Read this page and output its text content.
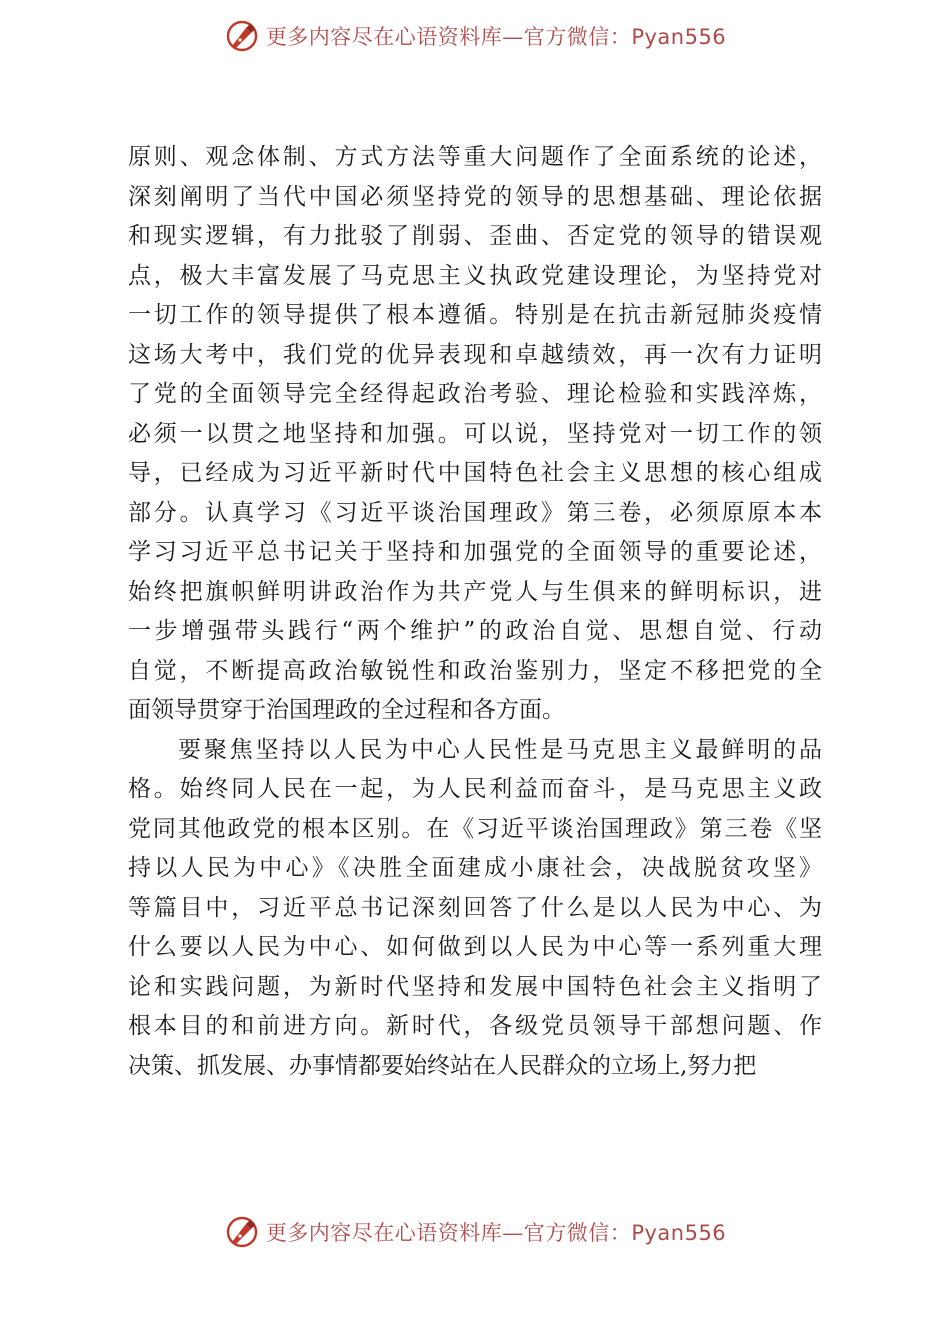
更多内容尽在心语资料库—官方微信：Pyan556
原则、观念体制、方式方法等重大问题作了全面系统的论述，
深刻阐明了当代中国必须坚持党的领导的思想基础、理论依据
和现实逻辑，有力批驳了削弱、歪曲、否定党的领导的错误观
点，极大丰富发展了马克思主义执政党建设理论，为坚持党对
一切工作的领导提供了根本遵循。特别是在抗击新冠肺炎疫情
这场大考中，我们党的优异表现和卓越绩效，再一次有力证明
了党的全面领导完全经得起政治考验、理论检验和实践淬炼，
必须一以贯之地坚持和加强。可以说，坚持党对一切工作的领
导，已经成为习近平新时代中国特色社会主义思想的核心组成
部分。认真学习《习近平谈治国理政》第三卷，必须原原本本
学习习近平总书记关于坚持和加强党的全面领导的重要论述，
始终把旗帜鲜明讲政治作为共产党人与生俱来的鲜明标识，进
一步增强带头践行“两个维护”的政治自觉、思想自觉、行动
自觉，不断提高政治敏锐性和政治鉴别力，坚定不移把党的全
面领导贯穿于治国理政的全过程和各方面。
要聚焦坚持以人民为中心人民性是马克思主义最鲜明的品
格。始终同人民在一起，为人民利益而奋斗，是马克思主义政
党同其他政党的根本区别。在《习近平谈治国理政》第三卷《坚
持以人民为中心》《决胜全面建成小康社会，决战脱贫攻坚》
等篇目中，习近平总书记深刻回答了什么是以人民为中心、为
什么要以人民为中心、如何做到以人民为中心等一系列重大理
论和实践问题，为新时代坚持和发展中国特色社会主义指明了
根本目的和前进方向。新时代，各级党员领导干部想问题、作
决策、抓发展、办事情都要始终站在人民群众的立场上,努力把
更多内容尽在心语资料库—官方微信：Pyan556
